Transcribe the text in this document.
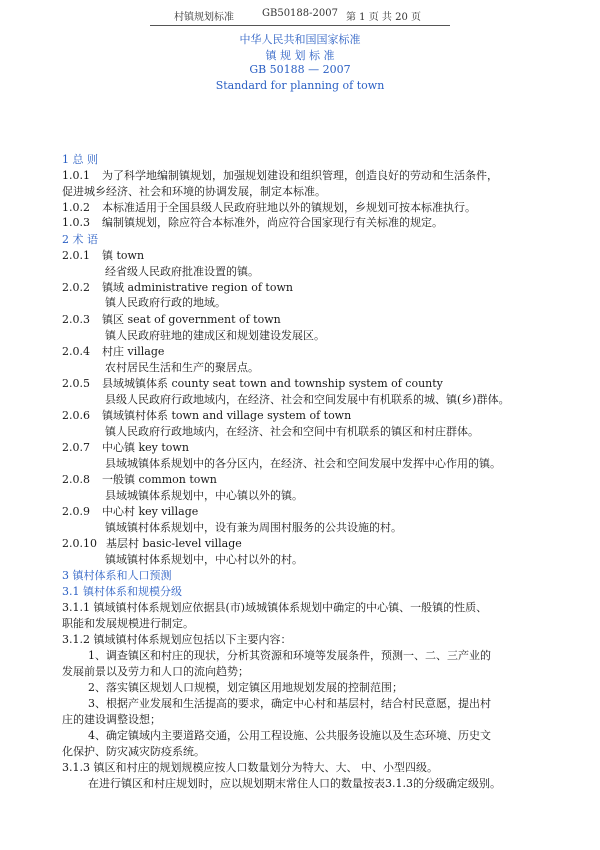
村镇规划标准	GB50188-2007 第 1 页 共 20 页
中华人民共和国国家标准
镇 规 划 标 准
GB 50188 — 2007
Standard for planning of town
1 总 则
1.0.1 为了科学地编制镇规划，加强规划建设和组织管理，创造良好的劳动和生活条件，
促进城乡经济、社会和环境的协调发展，制定本标准。
1.0.2 本标准适用于全国县级人民政府驻地以外的镇规划，乡规划可按本标准执行。
1.0.3 编制镇规划，除应符合本标准外，尚应符合国家现行有关标准的规定。
2 术 语
2.0.1 镇 town
经省级人民政府批准设置的镇。
2.0.2 镇域 administrative region of town
镇人民政府行政的地域。
2.0.3 镇区 seat of government of town
镇人民政府驻地的建成区和规划建设发展区。
2.0.4 村庄 village
农村居民生活和生产的聚居点。
2.0.5 县域城镇体系 county seat town and township system of county
县级人民政府行政地域内，在经济、社会和空间发展中有机联系的城、镇(乡)群体。
2.0.6 镇域镇村体系 town and village system of town
镇人民政府行政地域内，在经济、社会和空间中有机联系的镇区和村庄群体。
2.0.7 中心镇 key town
县域城镇体系规划中的各分区内，在经济、社会和空间发展中发挥中心作用的镇。
2.0.8 一般镇 common town
县域城镇体系规划中，中心镇以外的镇。
2.0.9 中心村 key village
镇域镇村体系规划中，设有兼为周围村服务的公共设施的村。
2.0.10 基层村 basic-level village
镇域镇村体系规划中，中心村以外的村。
3 镇村体系和人口预测
3.1 镇村体系和规模分级
3.1.1 镇域镇村体系规划应依据县(市)域城镇体系规划中确定的中心镇、一般镇的性质、
职能和发展规模进行制定。
3.1.2 镇域镇村体系规划应包括以下主要内容：
1、调查镇区和村庄的现状，分析其资源和环境等发展条件，预测一、二、三产业的
发展前景以及劳力和人口的流向趋势；
2、落实镇区规划人口规模，划定镇区用地规划发展的控制范围；
3、根据产业发展和生活提高的要求，确定中心村和基层村，结合村民意愿，提出村
庄的建设调整设想；
4、确定镇域内主要道路交通，公用工程设施、公共服务设施以及生态环境、历史文
化保护、防灾减灾防疫系统。
3.1.3 镇区和村庄的规划规模应按人口数量划分为特大、大、 中、小型四级。
在进行镇区和村庄规划时，应以规划期末常住人口的数量按表3.1.3的分级确定级别。
